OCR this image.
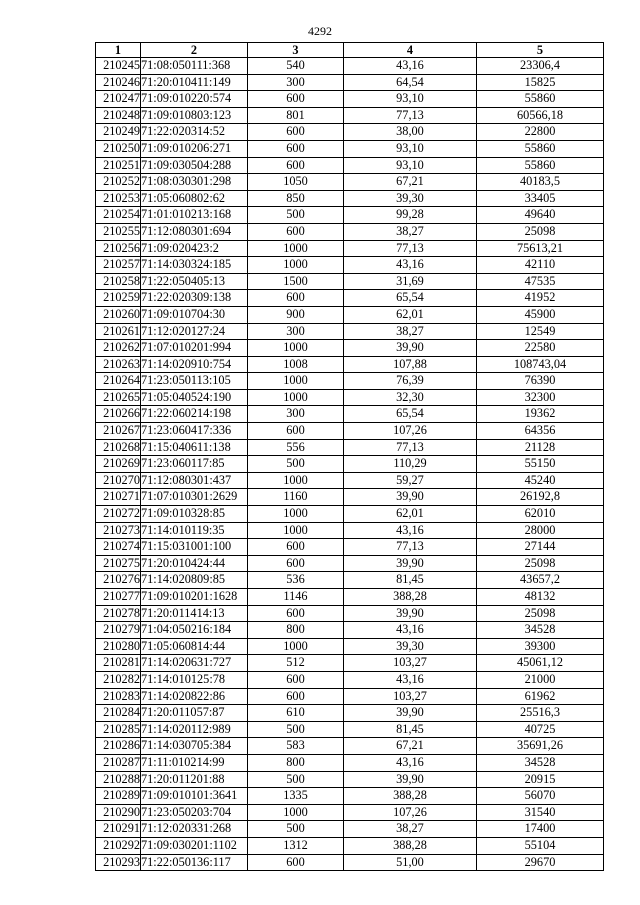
4292
1	2	3	4	5
210245	71:08:050111:368	540	43,16	23306,4
210246	71:20:010411:149	300	64,54	15825
210247	71:09:010220:574	600	93,10	55860
210248	71:09:010803:123	801	77,13	60566,18
210249	71:22:020314:52	600	38,00	22800
210250	71:09:010206:271	600	93,10	55860
210251	71:09:030504:288	600	93,10	55860
210252	71:08:030301:298	1050	67,21	40183,5
210253	71:05:060802:62	850	39,30	33405
210254	71:01:010213:168	500	99,28	49640
210255	71:12:080301:694	600	38,27	25098
210256	71:09:020423:2	1000	77,13	75613,21
210257	71:14:030324:185	1000	43,16	42110
210258	71:22:050405:13	1500	31,69	47535
210259	71:22:020309:138	600	65,54	41952
210260	71:09:010704:30	900	62,01	45900
210261	71:12:020127:24	300	38,27	12549
210262	71:07:010201:994	1000	39,90	22580
210263	71:14:020910:754	1008	107,88	108743,04
210264	71:23:050113:105	1000	76,39	76390
210265	71:05:040524:190	1000	32,30	32300
210266	71:22:060214:198	300	65,54	19362
210267	71:23:060417:336	600	107,26	64356
210268	71:15:040611:138	556	77,13	21128
210269	71:23:060117:85	500	110,29	55150
210270	71:12:080301:437	1000	59,27	45240
210271	71:07:010301:2629	1160	39,90	26192,8
210272	71:09:010328:85	1000	62,01	62010
210273	71:14:010119:35	1000	43,16	28000
210274	71:15:031001:100	600	77,13	27144
210275	71:20:010424:44	600	39,90	25098
210276	71:14:020809:85	536	81,45	43657,2
210277	71:09:010201:1628	1146	388,28	48132
210278	71:20:011414:13	600	39,90	25098
210279	71:04:050216:184	800	43,16	34528
210280	71:05:060814:44	1000	39,30	39300
210281	71:14:020631:727	512	103,27	45061,12
210282	71:14:010125:78	600	43,16	21000
210283	71:14:020822:86	600	103,27	61962
210284	71:20:011057:87	610	39,90	25516,3
210285	71:14:020112:989	500	81,45	40725
210286	71:14:030705:384	583	67,21	35691,26
210287	71:11:010214:99	800	43,16	34528
210288	71:20:011201:88	500	39,90	20915
210289	71:09:010101:3641	1335	388,28	56070
210290	71:23:050203:704	1000	107,26	31540
210291	71:12:020331:268	500	38,27	17400
210292	71:09:030201:1102	1312	388,28	55104
210293	71:22:050136:117	600	51,00	29670
